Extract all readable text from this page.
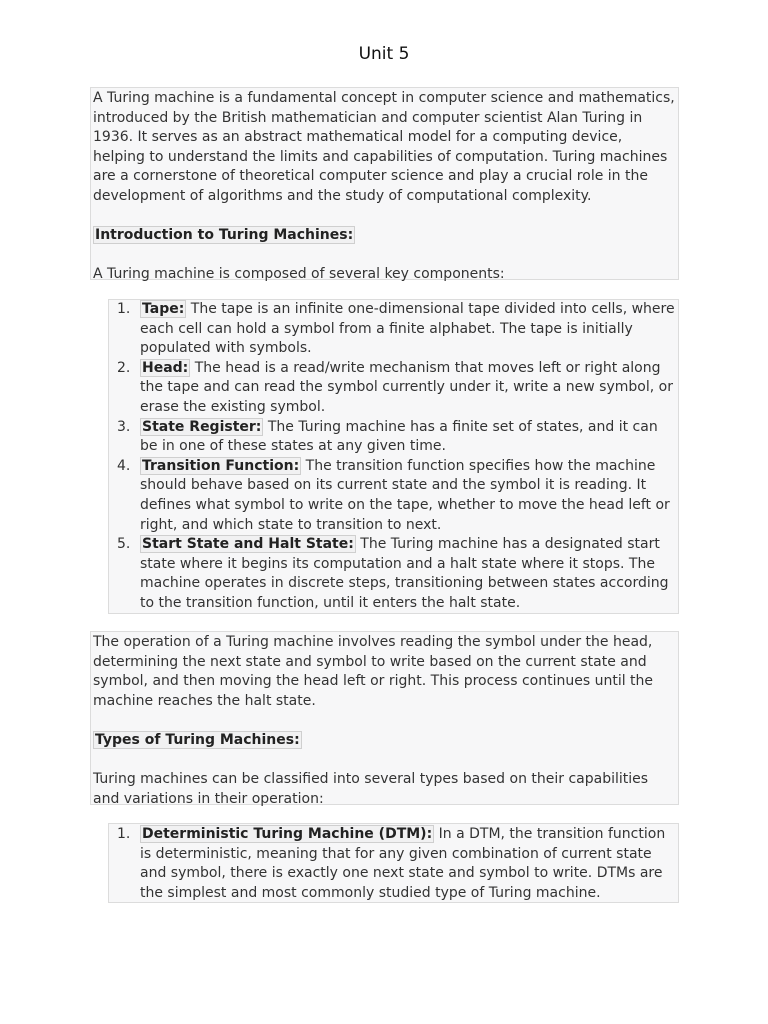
Unit 5

A Turing machine is a fundamental concept in computer science and mathematics, introduced by the British mathematician and computer scientist Alan Turing in 1936. It serves as an abstract mathematical model for a computing device, helping to understand the limits and capabilities of computation. Turing machines are a cornerstone of theoretical computer science and play a crucial role in the development of algorithms and the study of computational complexity.

Introduction to Turing Machines:

A Turing machine is composed of several key components:

1. Tape: The tape is an infinite one-dimensional tape divided into cells, where each cell can hold a symbol from a finite alphabet. The tape is initially populated with symbols.
2. Head: The head is a read/write mechanism that moves left or right along the tape and can read the symbol currently under it, write a new symbol, or erase the existing symbol.
3. State Register: The Turing machine has a finite set of states, and it can be in one of these states at any given time.
4. Transition Function: The transition function specifies how the machine should behave based on its current state and the symbol it is reading. It defines what symbol to write on the tape, whether to move the head left or right, and which state to transition to next.
5. Start State and Halt State: The Turing machine has a designated start state where it begins its computation and a halt state where it stops. The machine operates in discrete steps, transitioning between states according to the transition function, until it enters the halt state.

The operation of a Turing machine involves reading the symbol under the head, determining the next state and symbol to write based on the current state and symbol, and then moving the head left or right. This process continues until the machine reaches the halt state.

Types of Turing Machines:

Turing machines can be classified into several types based on their capabilities and variations in their operation:

1. Deterministic Turing Machine (DTM): In a DTM, the transition function is deterministic, meaning that for any given combination of current state and symbol, there is exactly one next state and symbol to write. DTMs are the simplest and most commonly studied type of Turing machine.
